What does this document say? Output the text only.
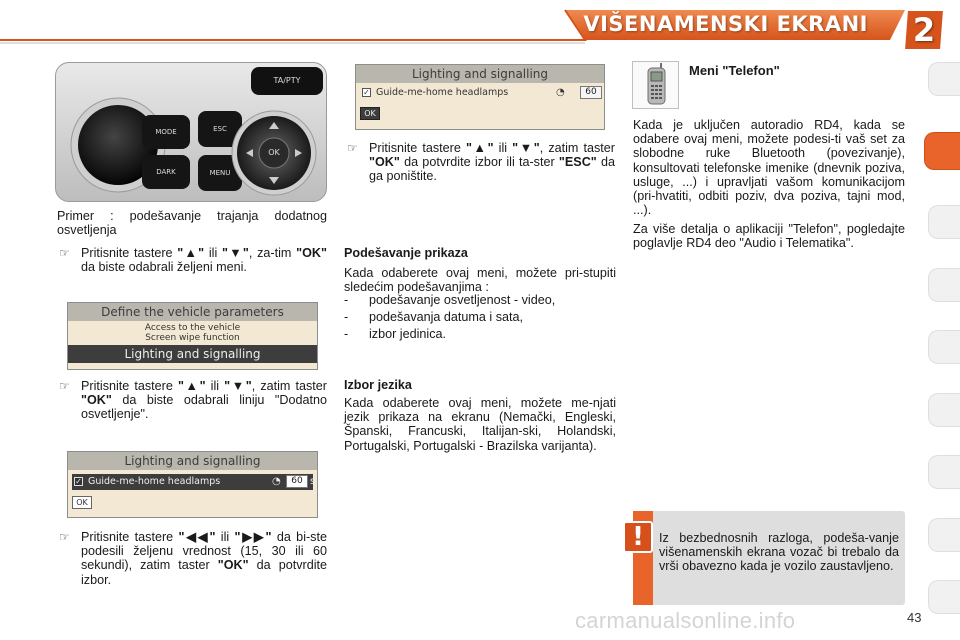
VIŠENAMENSKI EKRANI 2
TA/PTY
MODE
DARK
ESC
MENU
OK
Primer : podešavanje trajanja dodatnog osvetljenja
☞ Pritisnite tastere "▲" ili "▼", za-tim "OK" da biste odabrali željeni meni.
Define the vehicle parameters
Access to the vehicle
Screen wipe function
Lighting and signalling
☞ Pritisnite tastere "▲" ili "▼", zatim taster "OK" da biste odabrali liniju "Dodatno osvetljenje".
Lighting and signalling
✓ Guide-me-home headlamps	◔	60 s
OK
☞ Pritisnite tastere "◀◀" ili "▶▶" da bi-ste podesili željenu vrednost (15, 30 ili 60 sekundi), zatim taster "OK" da potvrdite izbor.
Lighting and signalling
✓ Guide-me-home headlamps	◔	60
OK
☞ Pritisnite tastere "▲" ili "▼", zatim taster "OK" da potvrdite izbor ili ta-ster "ESC" da ga poništite.
Podešavanje prikaza
Kada odaberete ovaj meni, možete pri-stupiti sledećim podešavanjima :
-	podešavanje osvetljenost - video,
-	podešavanja datuma i sata,
-	izbor jedinica.
Izbor jezika
Kada odaberete ovaj meni, možete me-njati jezik prikaza na ekranu (Nemački, Engleski, Španski, Francuski, Italijan-ski, Holandski, Portugalski, Portugalski - Brazilska varijanta).
Meni "Telefon"
Kada je uključen autoradio RD4, kada se odabere ovaj meni, možete podesi-ti vaš set za slobodne ruke Bluetooth (povezivanje), konsultovati telefonske imenike (dnevnik poziva, usluge, ...) i upravljati vašom komunikacijom (pri-hvatiti, odbiti poziv, dva poziva, tajni mod, ...).
Za više detalja o aplikaciji "Telefon", pogledajte poglavlje RD4 deo "Audio i Telematika".
!	Iz bezbednosnih razloga, podeša-vanje višenamenskih ekrana vozač bi trebalo da vrši obavezno kada je vozilo zaustavljeno.
carmanualsonline.info	43
